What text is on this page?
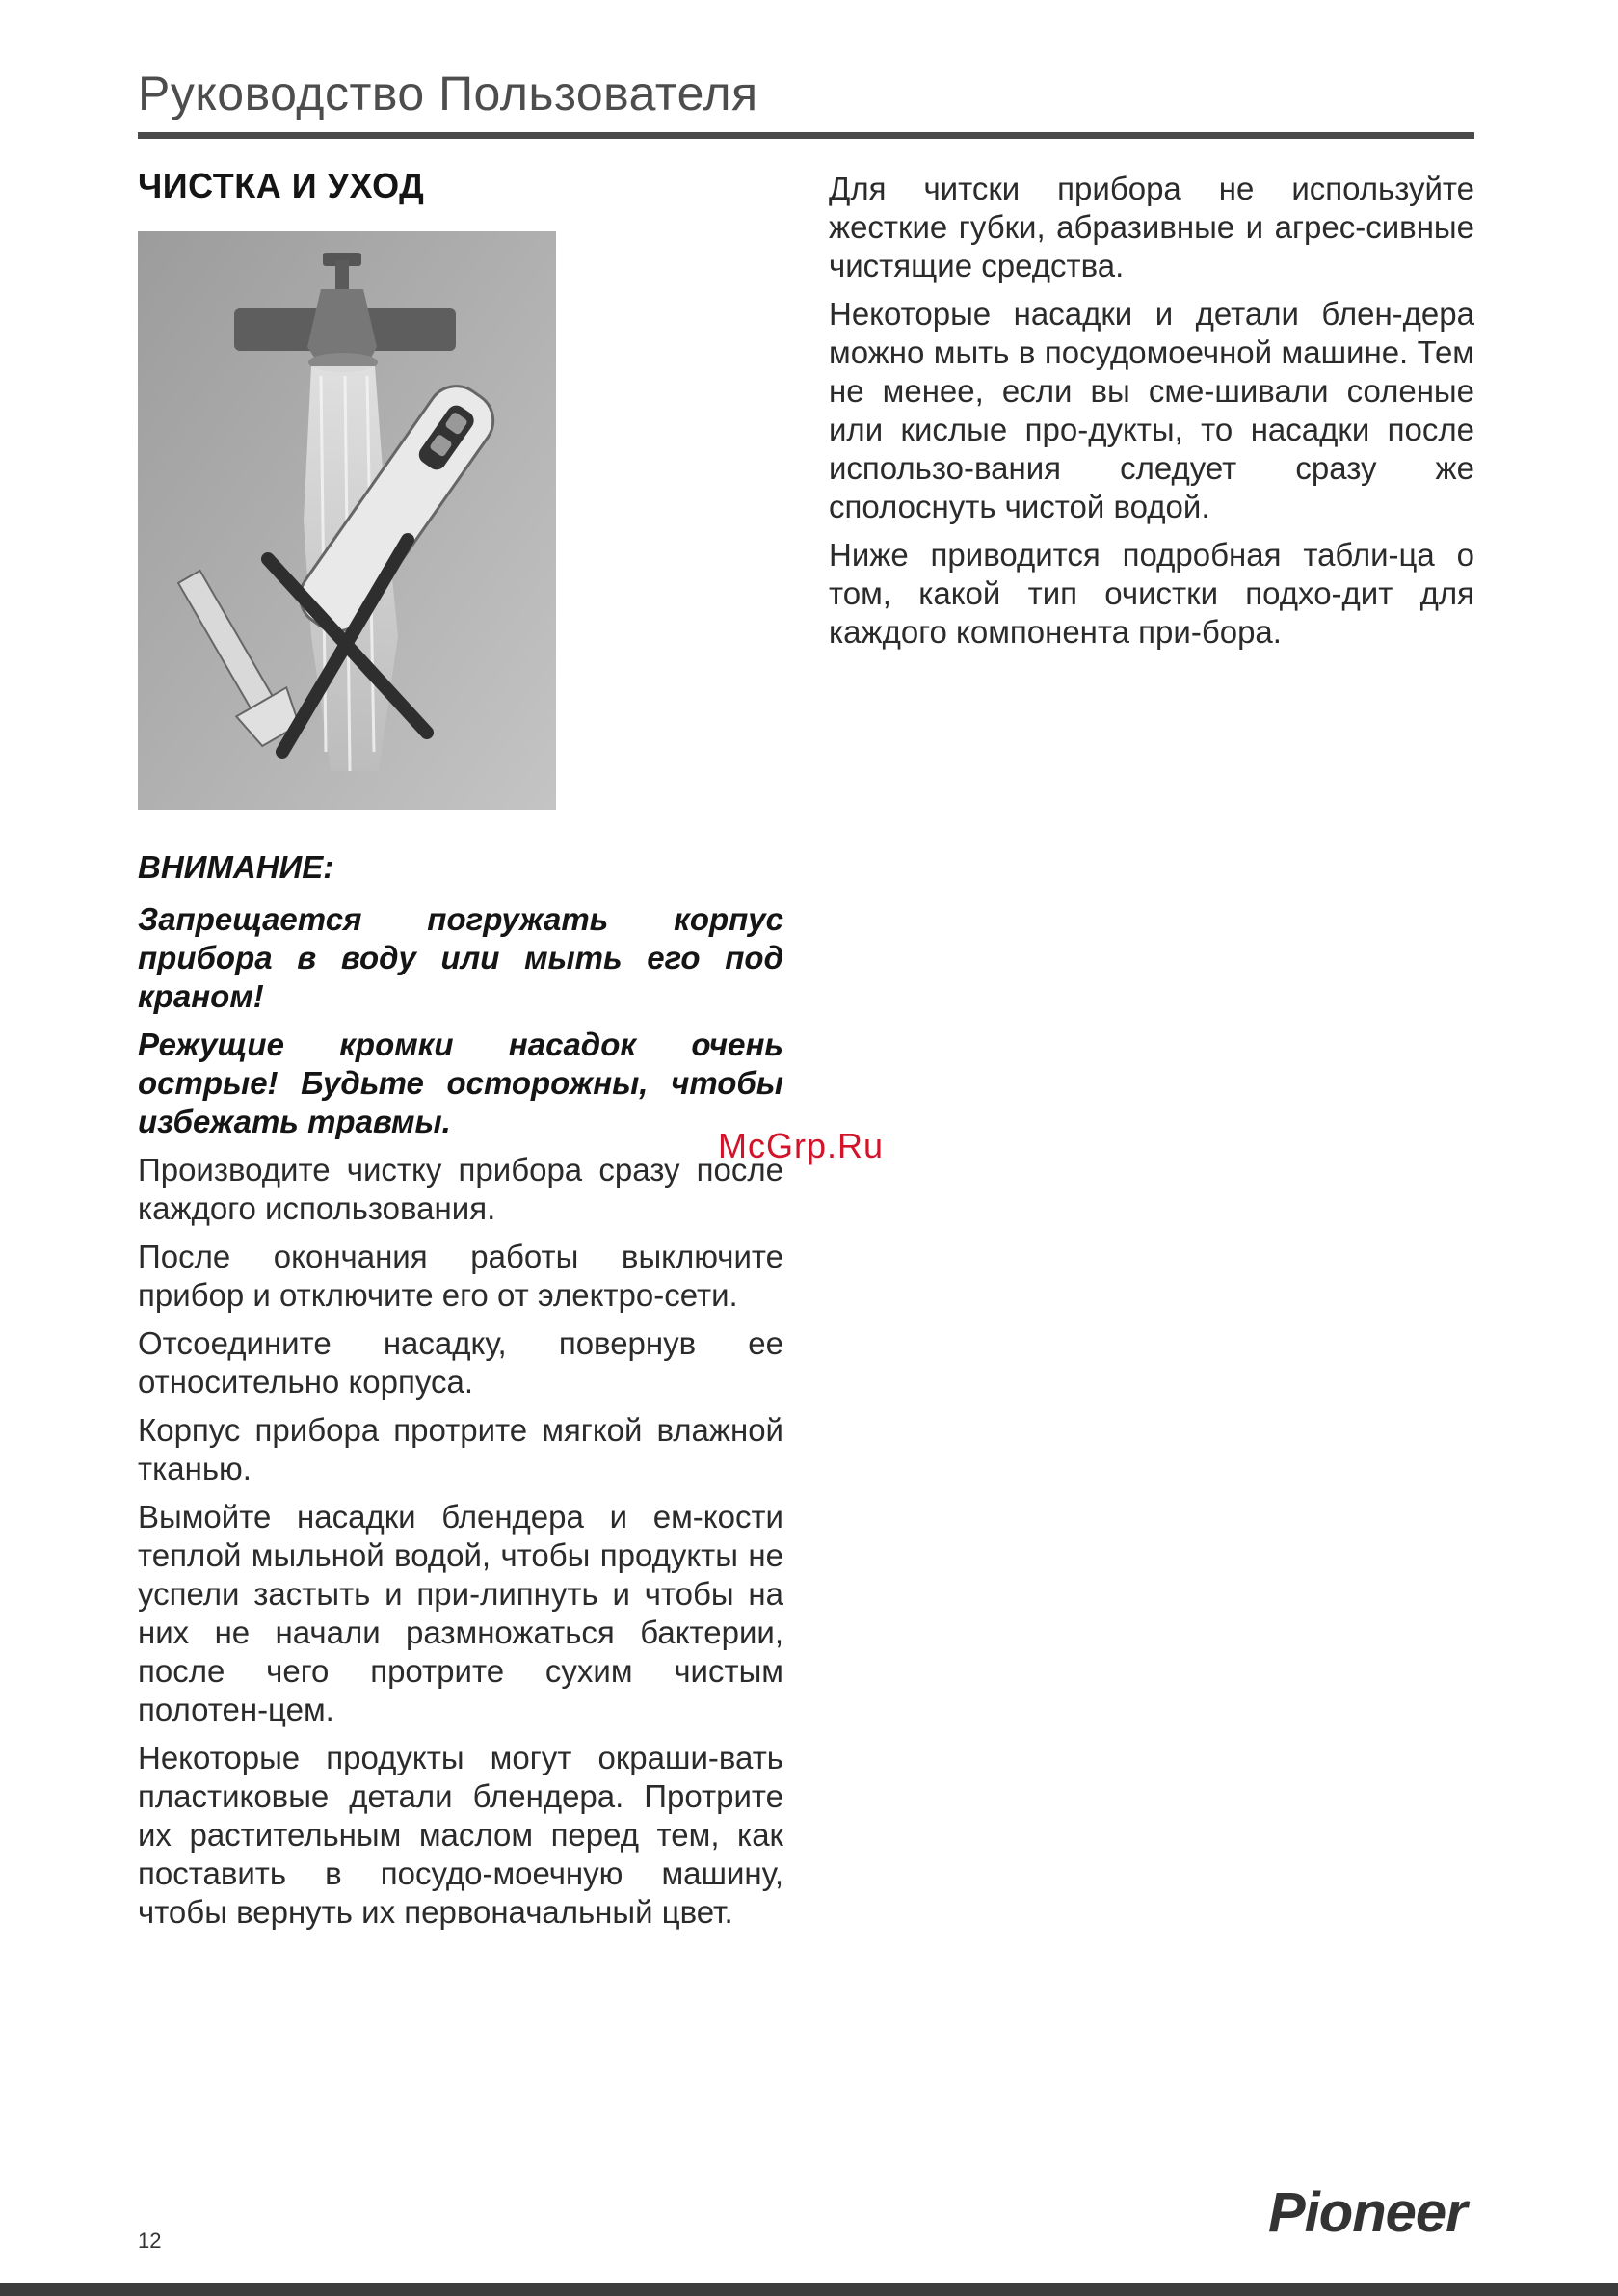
Руководство Пользователя
ЧИСТКА И УХОД

ВНИМАНИЕ:

Запрещается погружать корпус прибора в воду или мыть его под краном!

Режущие кромки насадок очень острые! Будьте осторожны, чтобы избежать травмы.

Производите чистку прибора сразу после каждого использования.

После окончания работы выключите прибор и отключите его от электро-сети.

Отсоедините насадку, повернув ее относительно корпуса.

Корпус прибора протрите мягкой влажной тканью.

Вымойте насадки блендера и ем-кости теплой мыльной водой, чтобы продукты не успели застыть и при-липнуть и чтобы на них не начали размножаться бактерии, после чего протрите сухим чистым полотен-цем.

Некоторые продукты могут окраши-вать пластиковые детали блендера. Протрите их растительным маслом перед тем, как поставить в посудо-моечную машину, чтобы вернуть их первоначальный цвет.

Для читски прибора не используйте жесткие губки, абразивные и агрес-сивные чистящие средства.

Некоторые насадки и детали блен-дера можно мыть в посудомоечной машине. Тем не менее, если вы сме-шивали соленые или кислые про-дукты, то насадки после использо-вания следует сразу же сполоснуть чистой водой.

Ниже приводится подробная табли-ца о том, какой тип очистки подхо-дит для каждого компонента при-бора.

McGrp.Ru
12	Pioneer
